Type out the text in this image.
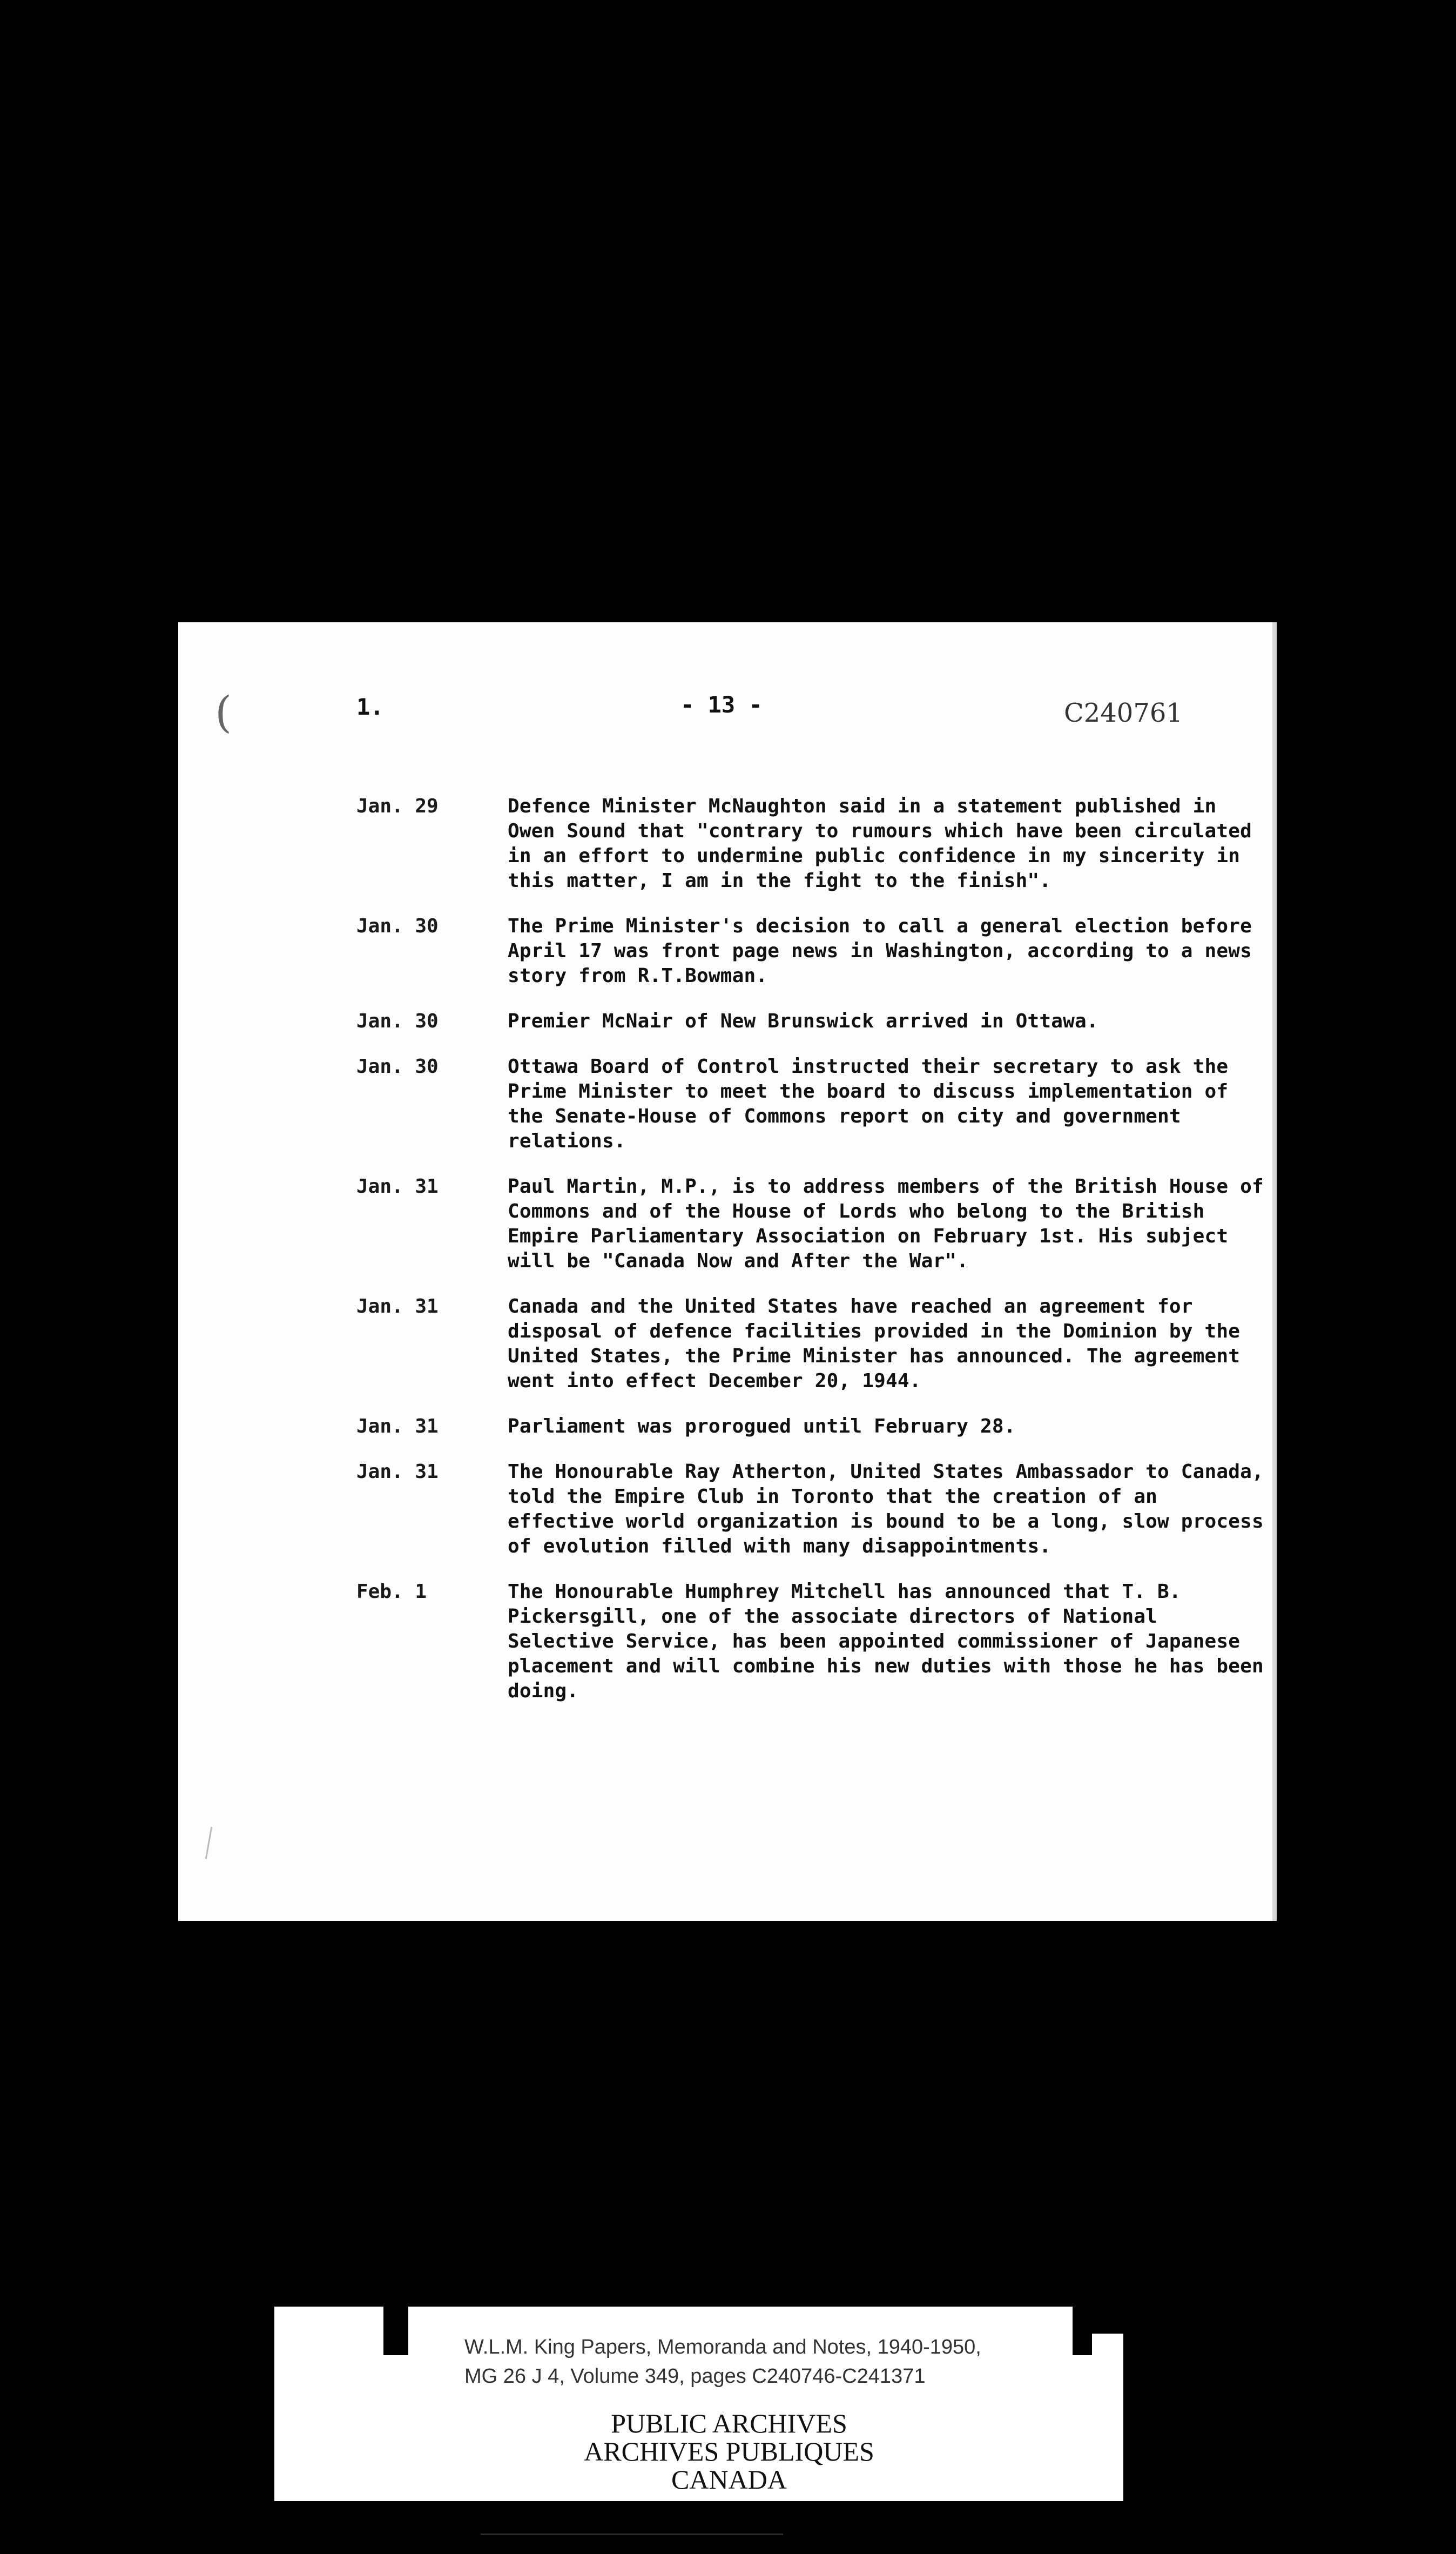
(	1.	- 13 -	C240761
Jan. 29	Defence Minister McNaughton said in a statement published in Owen Sound that "contrary to rumours which have been circulated in an effort to undermine public confidence in my sincerity in this matter, I am in the fight to the finish".
Jan. 30	The Prime Minister's decision to call a general election before April 17 was front page news in Washington, according to a news story from R.T.Bowman.
Jan. 30	Premier McNair of New Brunswick arrived in Ottawa.
Jan. 30	Ottawa Board of Control instructed their secretary to ask the Prime Minister to meet the board to discuss implementation of the Senate-House of Commons report on city and government relations.
Jan. 31	Paul Martin, M.P., is to address members of the British House of Commons and of the House of Lords who belong to the British Empire Parliamentary Association on February 1st. His subject will be "Canada Now and After the War".
Jan. 31	Canada and the United States have reached an agreement for disposal of defence facilities provided in the Dominion by the United States, the Prime Minister has announced. The agreement went into effect December 20, 1944.
Jan. 31	Parliament was prorogued until February 28.
Jan. 31	The Honourable Ray Atherton, United States Ambassador to Canada, told the Empire Club in Toronto that the creation of an effective world organization is bound to be a long, slow process of evolution filled with many disappointments.
Feb. 1	The Honourable Humphrey Mitchell has announced that T. B. Pickersgill, one of the associate directors of National Selective Service, has been appointed commissioner of Japanese placement and will combine his new duties with those he has been doing.
W.L.M. King Papers, Memoranda and Notes, 1940-1950,
MG 26 J 4, Volume 349, pages C240746-C241371
PUBLIC ARCHIVES
ARCHIVES PUBLIQUES
CANADA
